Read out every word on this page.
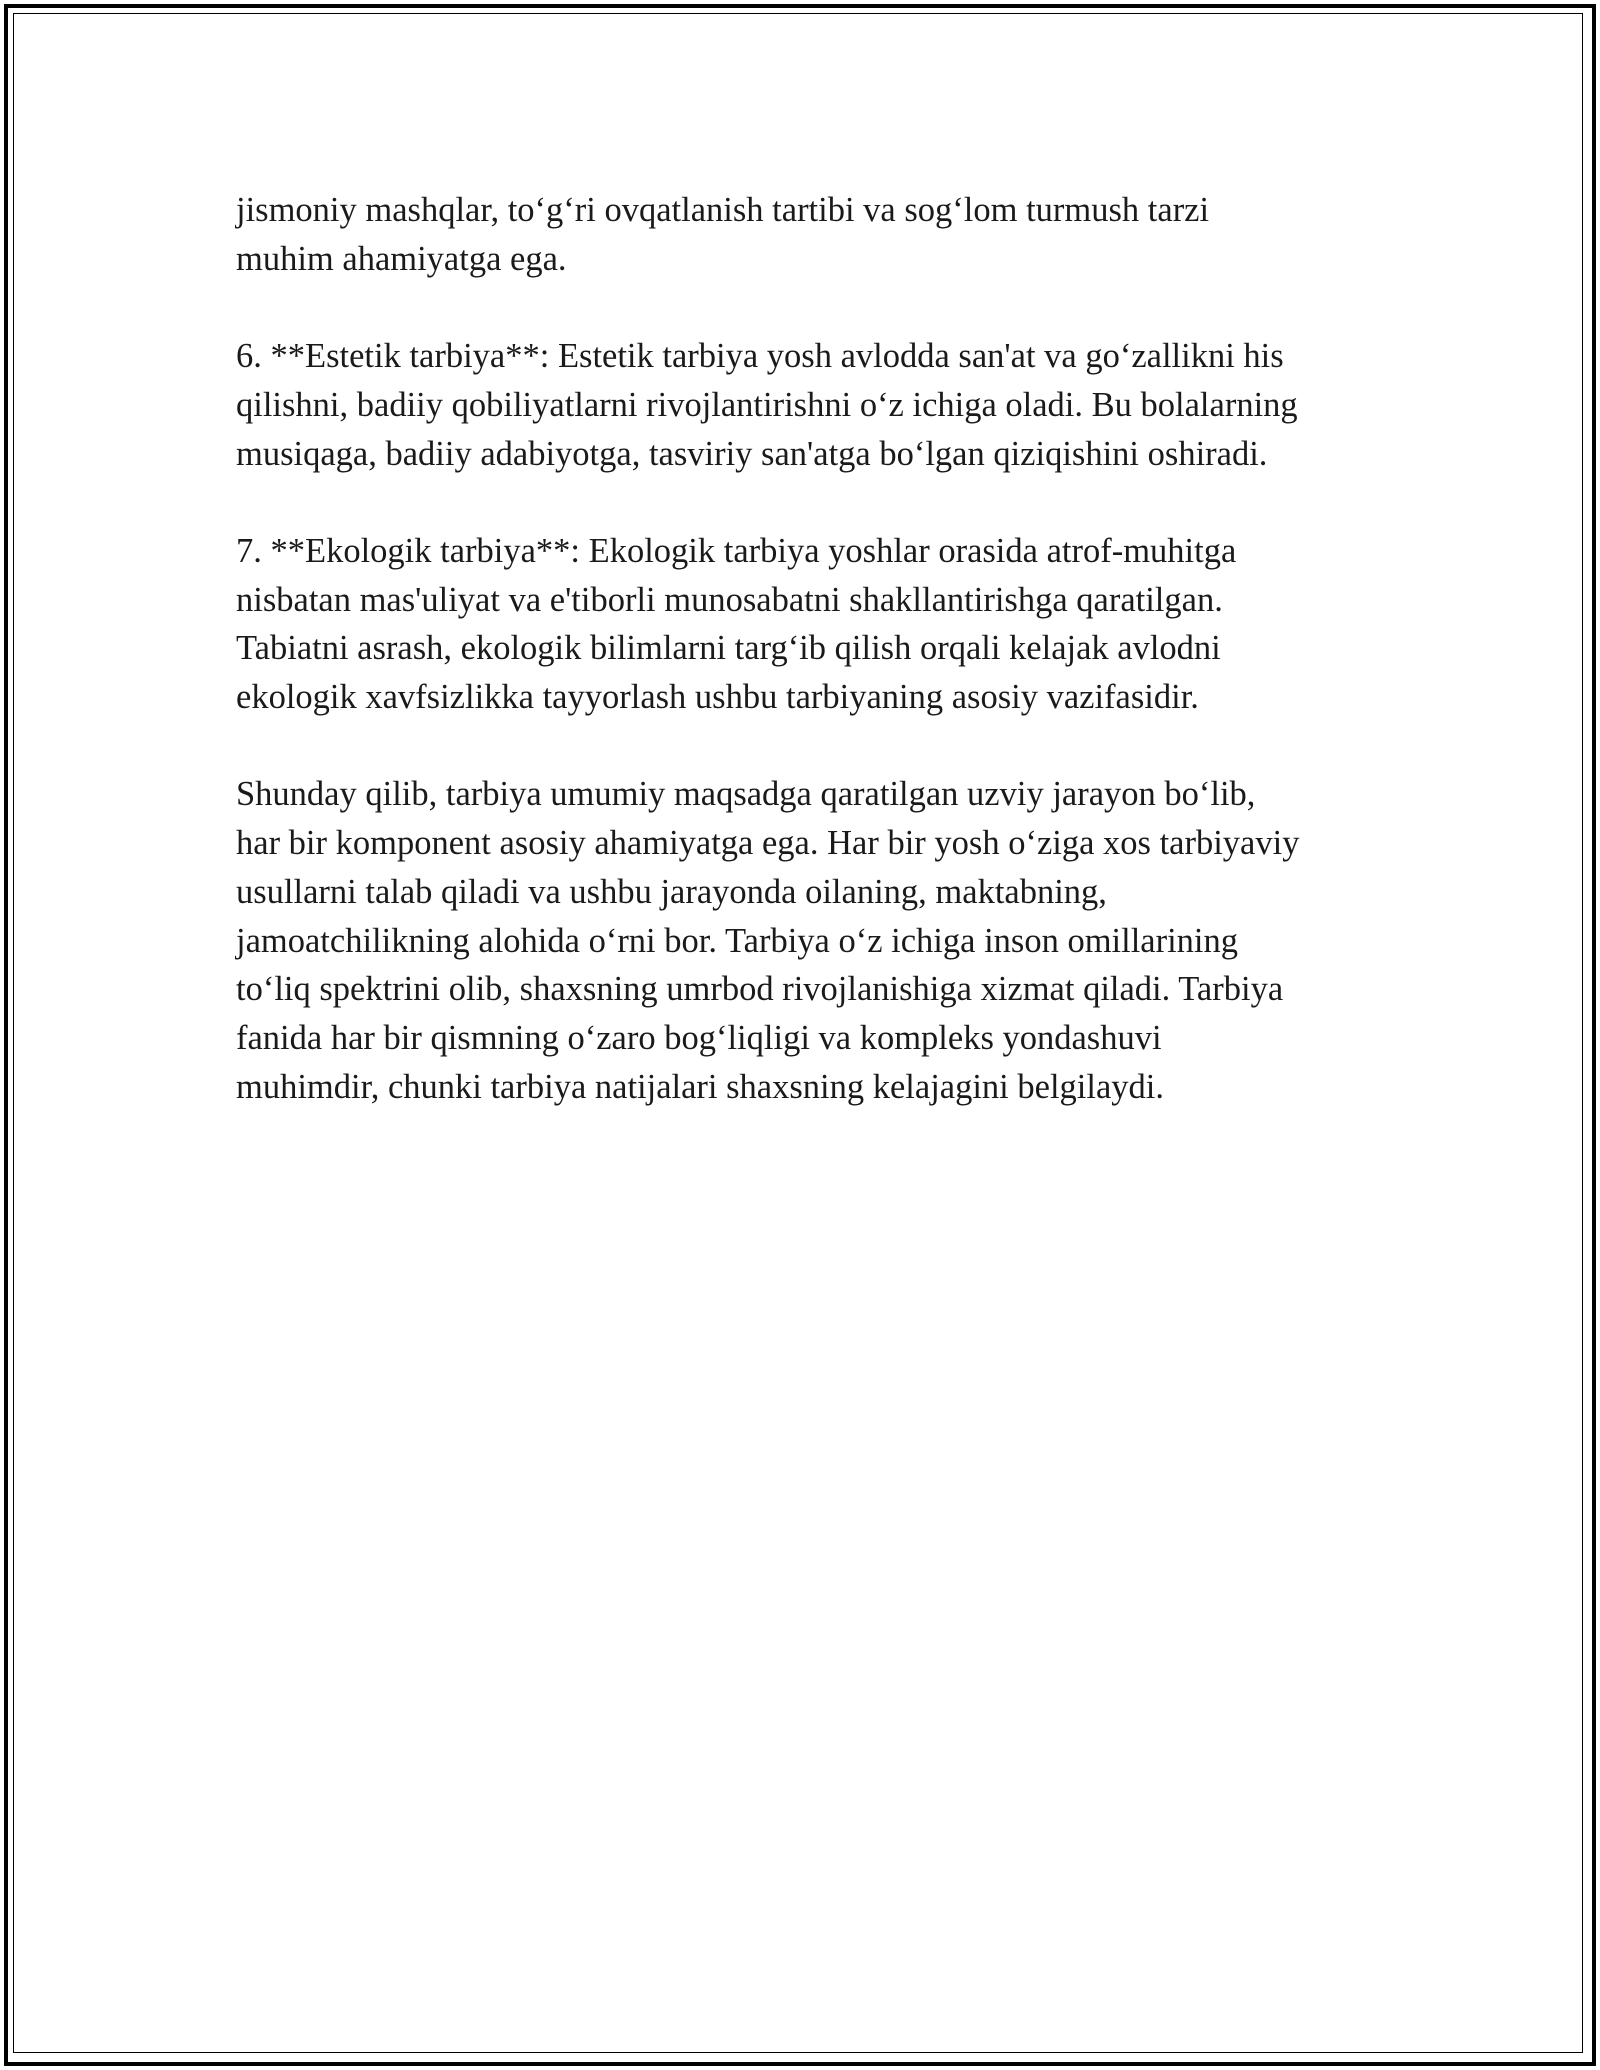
jismoniy mashqlar, to‘g‘ri ovqatlanish tartibi va sog‘lom turmush tarzi
muhim ahamiyatga ega.

6. **Estetik tarbiya**: Estetik tarbiya yosh avlodda san'at va go‘zallikni his
qilishni, badiiy qobiliyatlarni rivojlantirishni o‘z ichiga oladi. Bu bolalarning
musiqaga, badiiy adabiyotga, tasviriy san'atga bo‘lgan qiziqishini oshiradi.

7. **Ekologik tarbiya**: Ekologik tarbiya yoshlar orasida atrof-muhitga
nisbatan mas'uliyat va e'tiborli munosabatni shakllantirishga qaratilgan.
Tabiatni asrash, ekologik bilimlarni targ‘ib qilish orqali kelajak avlodni
ekologik xavfsizlikka tayyorlash ushbu tarbiyaning asosiy vazifasidir.

Shunday qilib, tarbiya umumiy maqsadga qaratilgan uzviy jarayon bo‘lib,
har bir komponent asosiy ahamiyatga ega. Har bir yosh o‘ziga xos tarbiyaviy
usullarni talab qiladi va ushbu jarayonda oilaning, maktabning,
jamoatchilikning alohida o‘rni bor. Tarbiya o‘z ichiga inson omillarining
to‘liq spektrini olib, shaxsning umrbod rivojlanishiga xizmat qiladi. Tarbiya
fanida har bir qismning o‘zaro bog‘liqligi va kompleks yondashuvi
muhimdir, chunki tarbiya natijalari shaxsning kelajagini belgilaydi.
